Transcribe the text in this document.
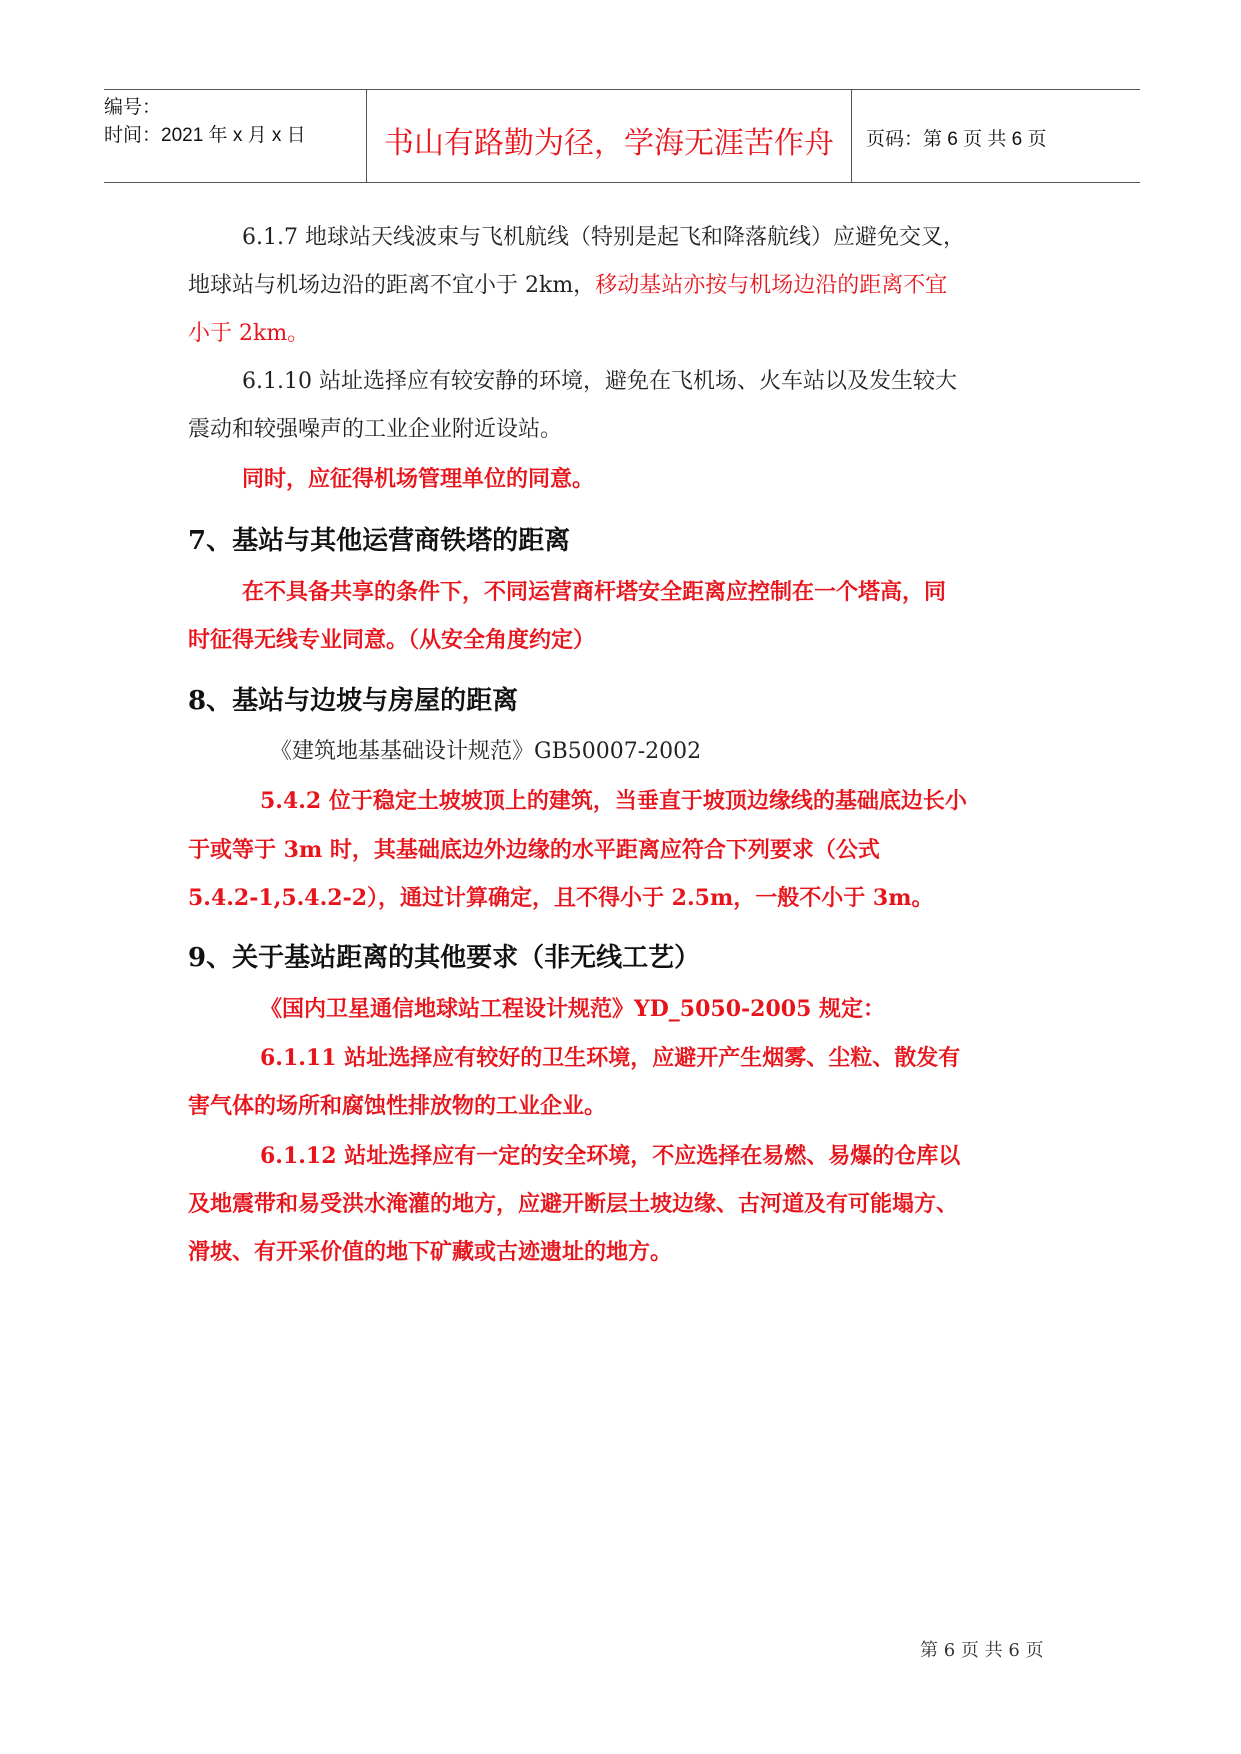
编号：
时间：2021 年 x 月 x 日	书山有路勤为径，学海无涯苦作舟	页码：第 6 页 共 6 页
6.1.7 地球站天线波束与飞机航线（特别是起飞和降落航线）应避免交叉，
地球站与机场边沿的距离不宜小于 2km，移动基站亦按与机场边沿的距离不宜
小于 2km。
6.1.10 站址选择应有较安静的环境，避免在飞机场、火车站以及发生较大
震动和较强噪声的工业企业附近设站。
同时，应征得机场管理单位的同意。
7、基站与其他运营商铁塔的距离
在不具备共享的条件下，不同运营商杆塔安全距离应控制在一个塔高，同
时征得无线专业同意。（从安全角度约定）
8、基站与边坡与房屋的距离
《建筑地基基础设计规范》GB50007-2002
5.4.2 位于稳定土坡坡顶上的建筑，当垂直于坡顶边缘线的基础底边长小
于或等于 3m 时，其基础底边外边缘的水平距离应符合下列要求（公式
5.4.2-1,5.4.2-2），通过计算确定，且不得小于 2.5m，一般不小于 3m。
9、关于基站距离的其他要求（非无线工艺）
《国内卫星通信地球站工程设计规范》YD_5050-2005 规定：
6.1.11 站址选择应有较好的卫生环境，应避开产生烟雾、尘粒、散发有
害气体的场所和腐蚀性排放物的工业企业。
6.1.12 站址选择应有一定的安全环境，不应选择在易燃、易爆的仓库以
及地震带和易受洪水淹灌的地方，应避开断层土坡边缘、古河道及有可能塌方、
滑坡、有开采价值的地下矿藏或古迹遗址的地方。
第 6 页 共 6 页
